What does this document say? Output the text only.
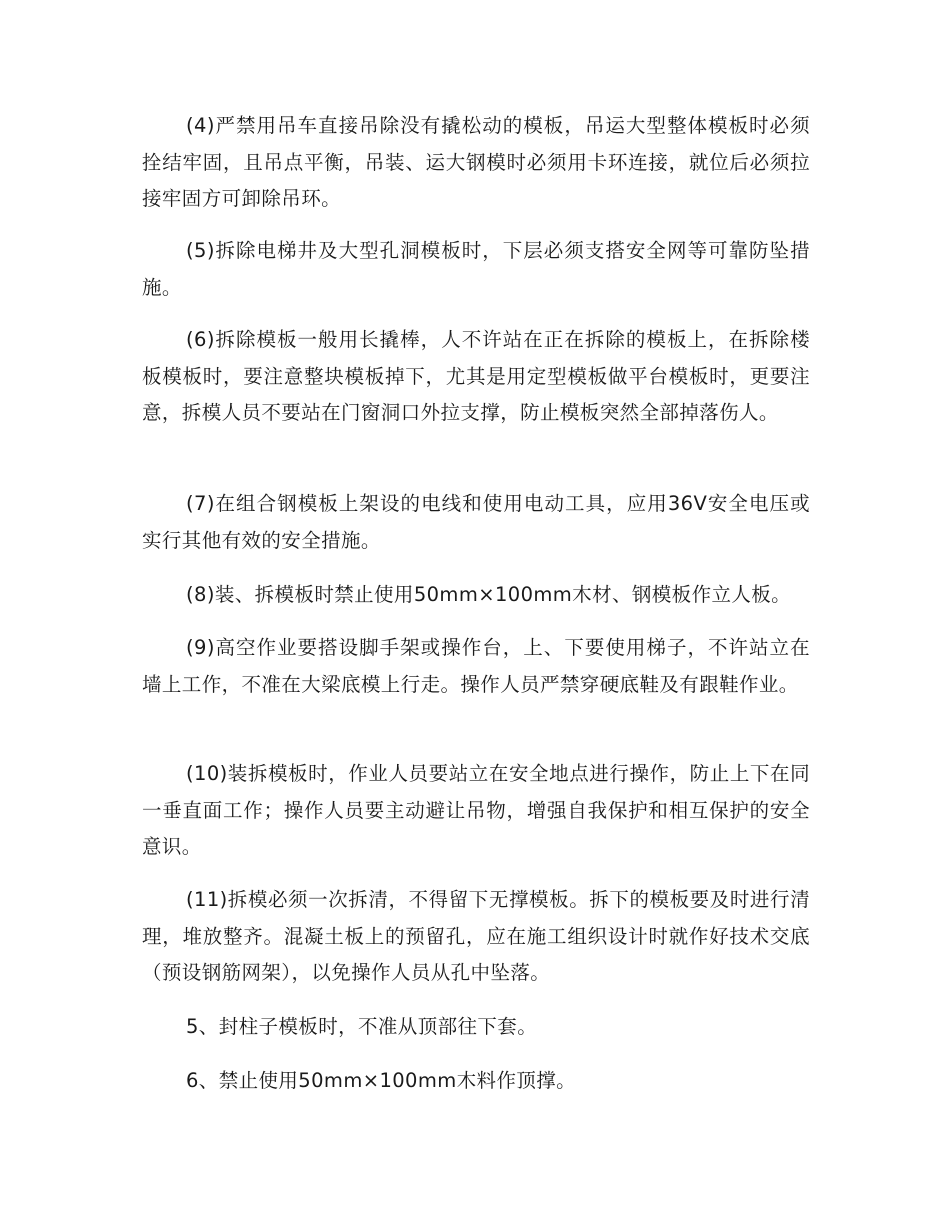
(4)严禁用吊车直接吊除没有撬松动的模板，吊运大型整体模板时必须拴结牢固，且吊点平衡，吊装、运大钢模时必须用卡环连接，就位后必须拉接牢固方可卸除吊环。

(5)拆除电梯井及大型孔洞模板时，下层必须支搭安全网等可靠防坠措施。

(6)拆除模板一般用长撬棒，人不许站在正在拆除的模板上，在拆除楼板模板时，要注意整块模板掉下，尤其是用定型模板做平台模板时，更要注意，拆模人员不要站在门窗洞口外拉支撑，防止模板突然全部掉落伤人。

(7)在组合钢模板上架设的电线和使用电动工具，应用36V安全电压或实行其他有效的安全措施。

(8)装、拆模板时禁止使用50mm×100mm木材、钢模板作立人板。

(9)高空作业要搭设脚手架或操作台，上、下要使用梯子，不许站立在墙上工作，不准在大梁底模上行走。操作人员严禁穿硬底鞋及有跟鞋作业。

(10)装拆模板时，作业人员要站立在安全地点进行操作，防止上下在同一垂直面工作；操作人员要主动避让吊物，增强自我保护和相互保护的安全意识。

(11)拆模必须一次拆清，不得留下无撑模板。拆下的模板要及时进行清理，堆放整齐。混凝土板上的预留孔，应在施工组织设计时就作好技术交底（预设钢筋网架），以免操作人员从孔中坠落。

5、封柱子模板时，不准从顶部往下套。

6、禁止使用50mm×100mm木料作顶撑。
